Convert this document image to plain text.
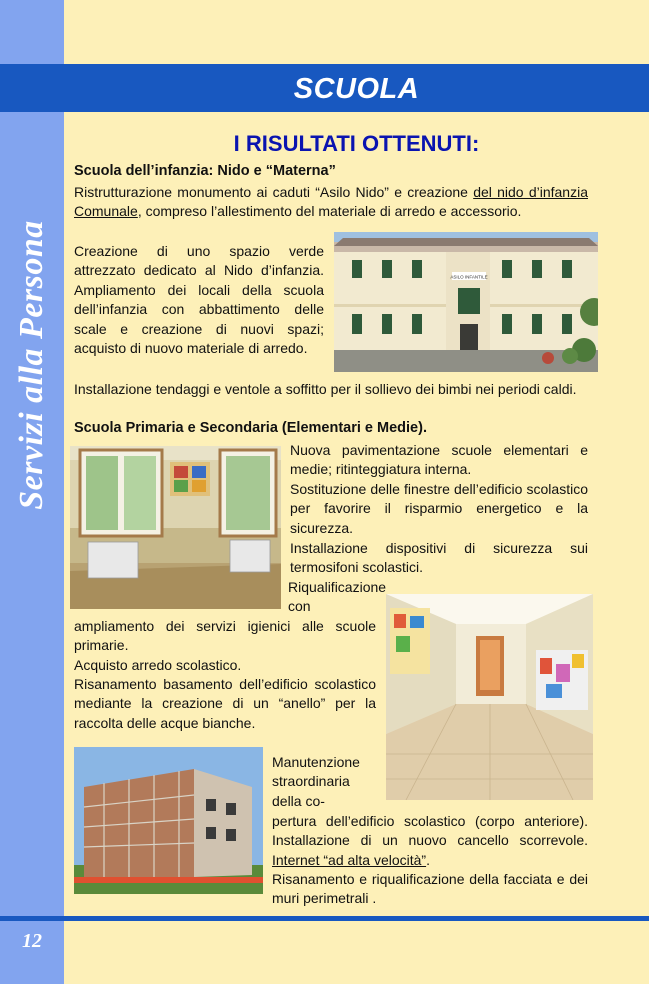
Servizi alla Persona
12
SCUOLA
I RISULTATI OTTENUTI:

Scuola dell’infanzia: Nido e “Materna”

Ristrutturazione monumento ai caduti “Asilo Nido” e creazione del nido d’infanzia Comunale, compreso l’allestimento del materiale di arredo e accessorio.

Creazione di uno spazio verde attrezzato dedicato al Nido d’infanzia. Ampliamento dei locali della scuola dell’infanzia con abbattimento delle scale e creazione di nuovi spazi; acquisto di nuovo materiale di arredo.

Installazione tendaggi e ventole a soffitto per il sollievo dei bimbi nei periodi caldi.

ASILO INFANTILE

Scuola Primaria e Secondaria (Elementari e Medie).

Nuova pavimentazione scuole elementari e medie; ritinteggiatura interna.

Sostituzione delle finestre dell’edificio scolastico per favorire il risparmio energetico e la sicurezza.

Installazione dispositivi di sicurezza sui termosifoni scolastici.

Riqualificazione con

ampliamento dei servizi igienici alle scuole primarie.

Acquisto arredo scolastico.

Risanamento basamento dell’edificio scolastico mediante la creazione di un “anello” per la raccolta delle acque bianche.

Manutenzione straordinaria della co-

pertura dell’edificio scolastico (corpo anteriore). Installazione di un nuovo cancello scorrevole. Internet “ad alta velocità”.

Risanamento e riqualificazione della facciata e dei muri perimetrali .
